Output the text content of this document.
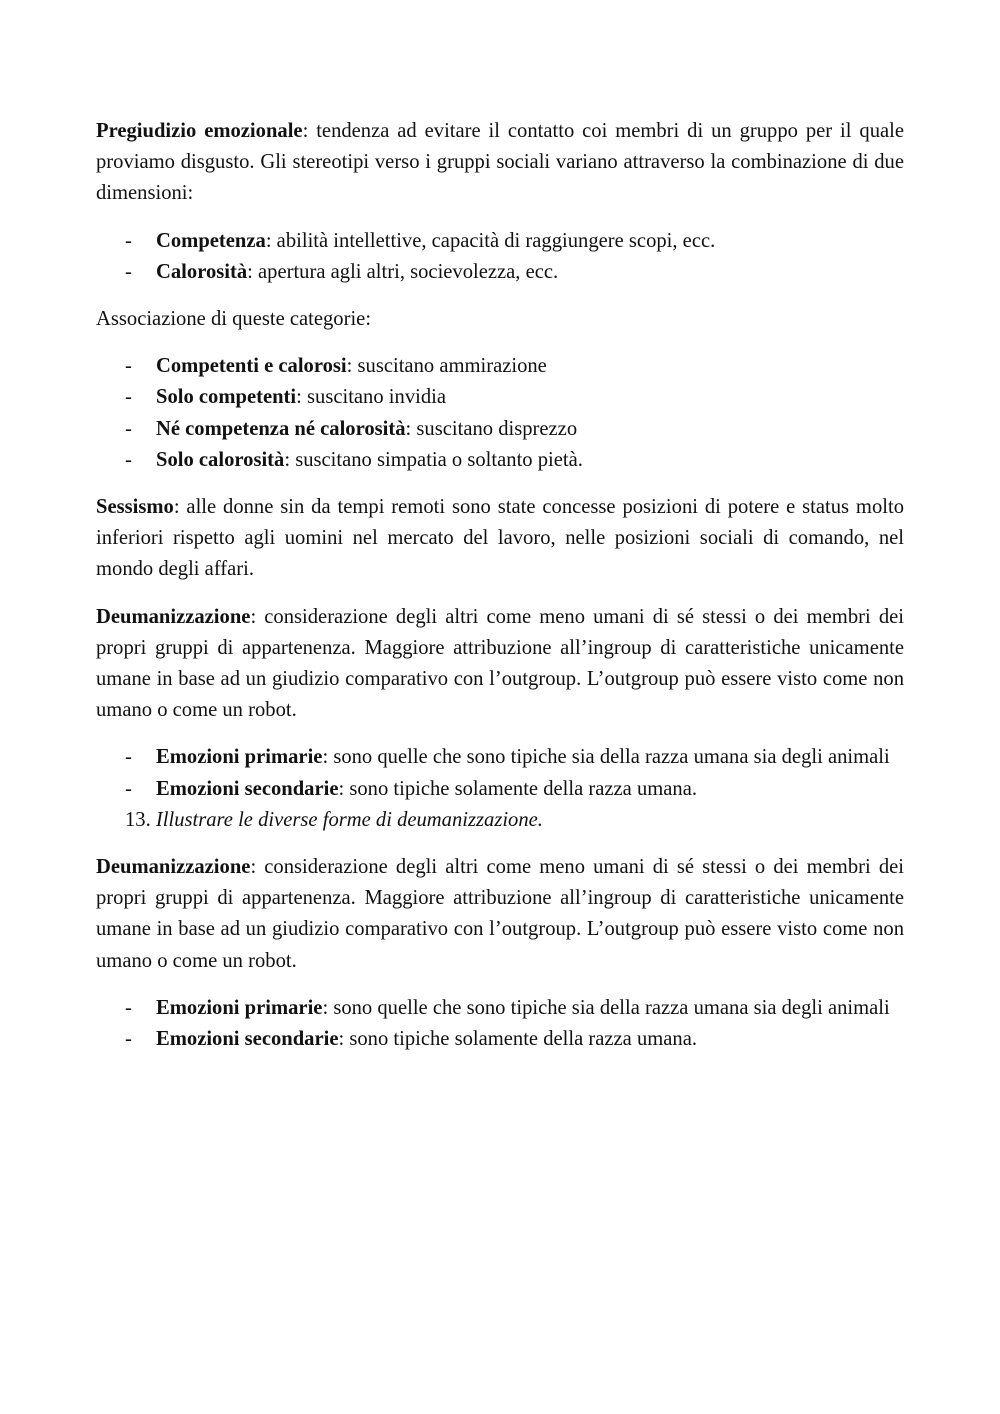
Pregiudizio emozionale: tendenza ad evitare il contatto coi membri di un gruppo per il quale proviamo disgusto. Gli stereotipi verso i gruppi sociali variano attraverso la combinazione di due dimensioni:

- Competenza: abilità intellettive, capacità di raggiungere scopi, ecc.
- Calorosità: apertura agli altri, socievolezza, ecc.

Associazione di queste categorie:

- Competenti e calorosi: suscitano ammirazione
- Solo competenti: suscitano invidia
- Né competenza né calorosità: suscitano disprezzo
- Solo calorosità: suscitano simpatia o soltanto pietà.

Sessismo: alle donne sin da tempi remoti sono state concesse posizioni di potere e status molto inferiori rispetto agli uomini nel mercato del lavoro, nelle posizioni sociali di comando, nel mondo degli affari.

Deumanizzazione: considerazione degli altri come meno umani di sé stessi o dei membri dei propri gruppi di appartenenza. Maggiore attribuzione all’ingroup di caratteristiche unicamente umane in base ad un giudizio comparativo con l’outgroup. L’outgroup può essere visto come non umano o come un robot.

- Emozioni primarie: sono quelle che sono tipiche sia della razza umana sia degli animali
- Emozioni secondarie: sono tipiche solamente della razza umana.

13. Illustrare le diverse forme di deumanizzazione.

Deumanizzazione: considerazione degli altri come meno umani di sé stessi o dei membri dei propri gruppi di appartenenza. Maggiore attribuzione all’ingroup di caratteristiche unicamente umane in base ad un giudizio comparativo con l’outgroup. L’outgroup può essere visto come non umano o come un robot.

- Emozioni primarie: sono quelle che sono tipiche sia della razza umana sia degli animali
- Emozioni secondarie: sono tipiche solamente della razza umana.
